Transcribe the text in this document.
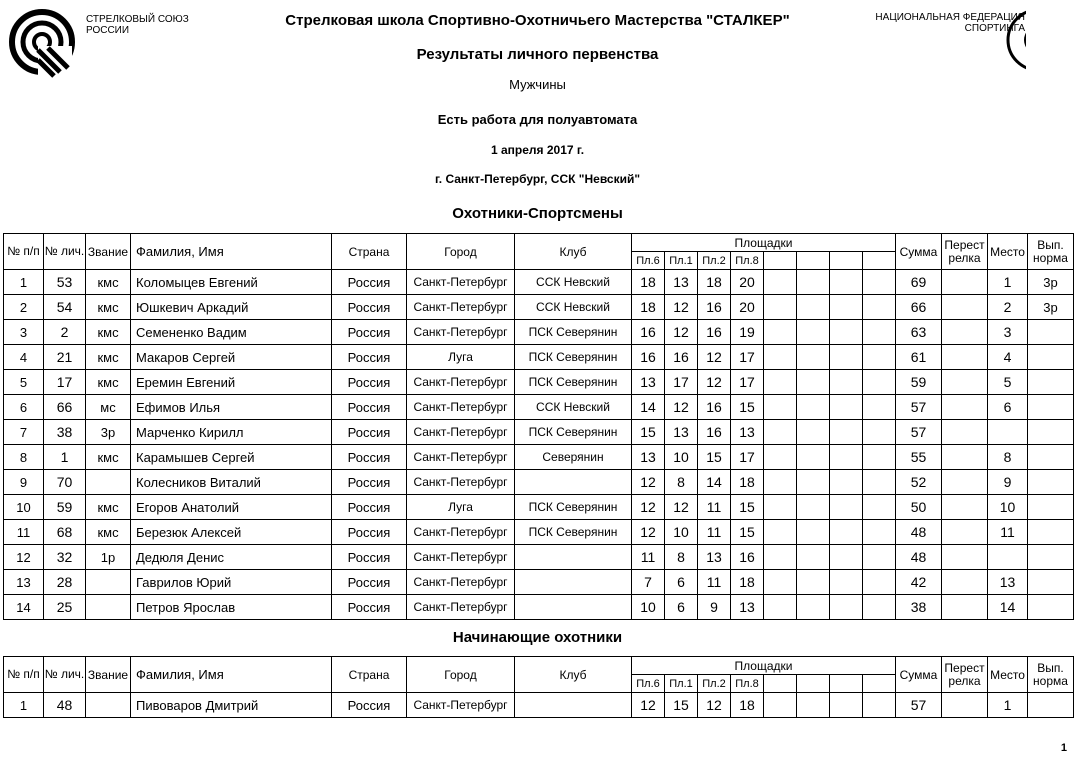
СТРЕЛКОВЫЙ СОЮЗ РОССИИ
НАЦИОНАЛЬНАЯ ФЕДЕРАЦИЯ СПОРТИНГА
Стрелковая школа Спортивно-Охотничьего Мастерства "СТАЛКЕР"
Результаты личного первенства
Мужчины
Есть работа для полуавтомата
1 апреля 2017 г.
г. Санкт-Петербург, ССК "Невский"
Охотники-Спортсмены
№ п/п	№ лич.	Звание	Фамилия, Имя	Страна	Город	Клуб	Площадки								Сумма	Перестрелка	Место	Вып. норма
							Пл.6	Пл.1	Пл.2	Пл.8								
1	53	кмс	Коломыцев Евгений	Россия	Санкт-Петербург	ССК Невский	18	13	18	20					69		1	3р
2	54	кмс	Юшкевич Аркадий	Россия	Санкт-Петербург	ССК Невский	18	12	16	20					66		2	3р
3	2	кмс	Семененко Вадим	Россия	Санкт-Петербург	ПСК Северянин	16	12	16	19					63		3	
4	21	кмс	Макаров Сергей	Россия	Луга	ПСК Северянин	16	16	12	17					61		4	
5	17	кмс	Еремин Евгений	Россия	Санкт-Петербург	ПСК Северянин	13	17	12	17					59		5	
6	66	мс	Ефимов Илья	Россия	Санкт-Петербург	ССК Невский	14	12	16	15					57		6	
7	38	3р	Марченко Кирилл	Россия	Санкт-Петербург	ПСК Северянин	15	13	16	13					57			
8	1	кмс	Карамышев Сергей	Россия	Санкт-Петербург	Северянин	13	10	15	17					55		8	
9	70		Колесников Виталий	Россия	Санкт-Петербург		12	8	14	18					52		9	
10	59	кмс	Егоров Анатолий	Россия	Луга	ПСК Северянин	12	12	11	15					50		10	
11	68	кмс	Березюк Алексей	Россия	Санкт-Петербург	ПСК Северянин	12	10	11	15					48		11	
12	32	1р	Дедюля Денис	Россия	Санкт-Петербург		11	8	13	16					48			
13	28		Гаврилов Юрий	Россия	Санкт-Петербург		7	6	11	18					42		13	
14	25		Петров Ярослав	Россия	Санкт-Петербург		10	6	9	13					38		14	
Начинающие охотники
№ п/п	№ лич.	Звание	Фамилия, Имя	Страна	Город	Клуб	Площадки								Сумма	Перестрелка	Место	Вып. норма
							Пл.6	Пл.1	Пл.2	Пл.8								
1	48		Пивоваров Дмитрий	Россия	Санкт-Петербург		12	15	12	18					57		1	
1
